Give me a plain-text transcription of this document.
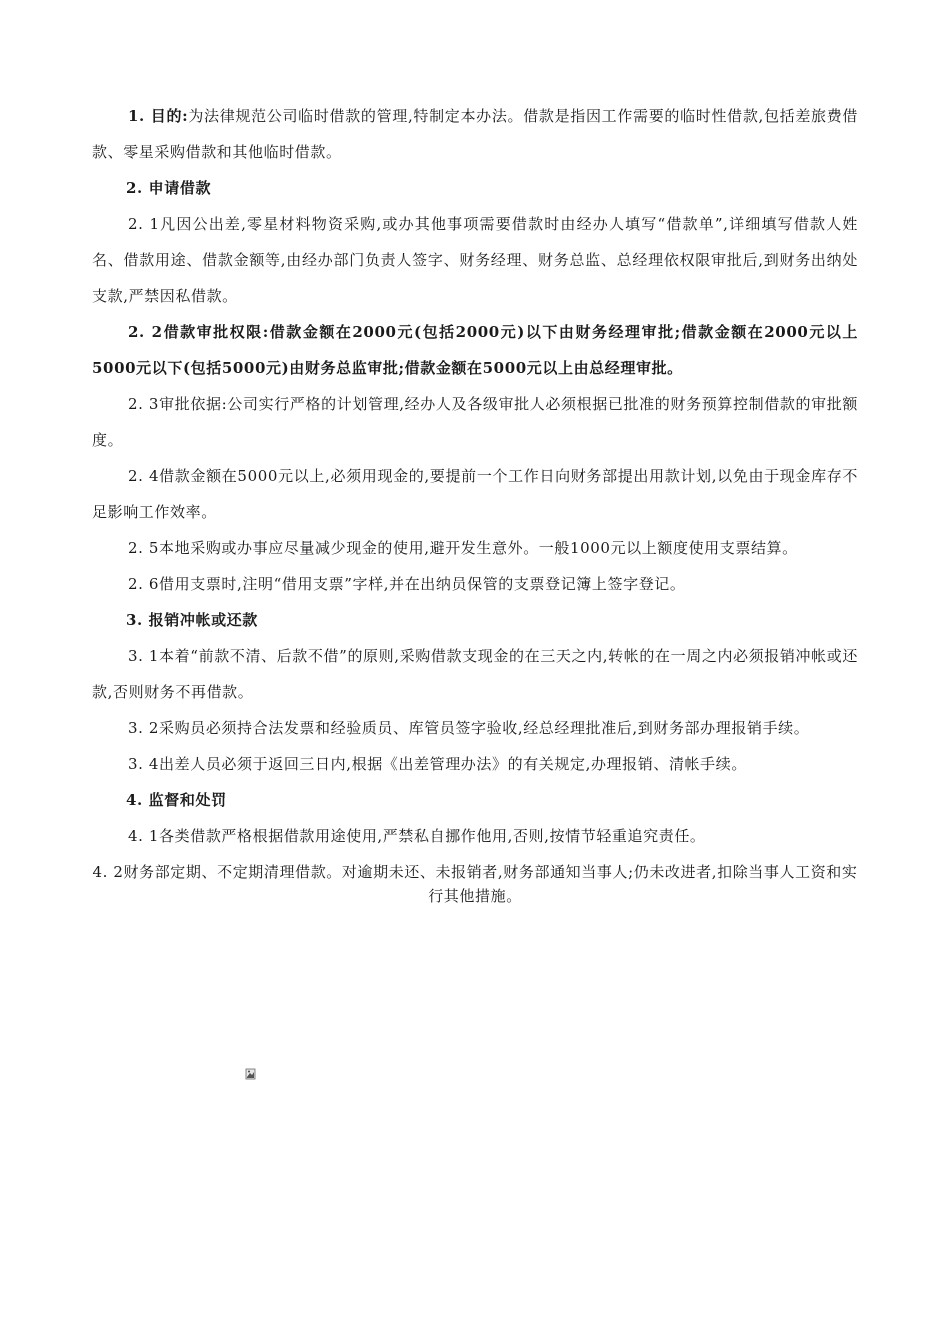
1. 目的:为法律规范公司临时借款的管理,特制定本办法。借款是指因工作需要的临时性借款,包括差旅费借款、零星采购借款和其他临时借款。

2. 申请借款

2. 1凡因公出差,零星材料物资采购,或办其他事项需要借款时由经办人填写“借款单”,详细填写借款人姓名、借款用途、借款金额等,由经办部门负责人签字、财务经理、财务总监、总经理依权限审批后,到财务出纳处支款,严禁因私借款。

2. 2借款审批权限:借款金额在2000元(包括2000元)以下由财务经理审批;借款金额在2000元以上5000元以下(包括5000元)由财务总监审批;借款金额在5000元以上由总经理审批。

2. 3审批依据:公司实行严格的计划管理,经办人及各级审批人必须根据已批准的财务预算控制借款的审批额度。

2. 4借款金额在5000元以上,必须用现金的,要提前一个工作日向财务部提出用款计划,以免由于现金库存不足影响工作效率。

2. 5本地采购或办事应尽量减少现金的使用,避开发生意外。一般1000元以上额度使用支票结算。

2. 6借用支票时,注明“借用支票”字样,并在出纳员保管的支票登记簿上签字登记。

3. 报销冲帐或还款

3. 1本着“前款不清、后款不借”的原则,采购借款支现金的在三天之内,转帐的在一周之内必须报销冲帐或还款,否则财务不再借款。

3. 2采购员必须持合法发票和经验质员、库管员签字验收,经总经理批准后,到财务部办理报销手续。

3. 4出差人员必须于返回三日内,根据《出差管理办法》的有关规定,办理报销、清帐手续。

4. 监督和处罚

4. 1各类借款严格根据借款用途使用,严禁私自挪作他用,否则,按情节轻重追究责任。

4. 2财务部定期、不定期清理借款。对逾期未还、未报销者,财务部通知当事人;仍未改进者,扣除当事人工资和实行其他措施。
